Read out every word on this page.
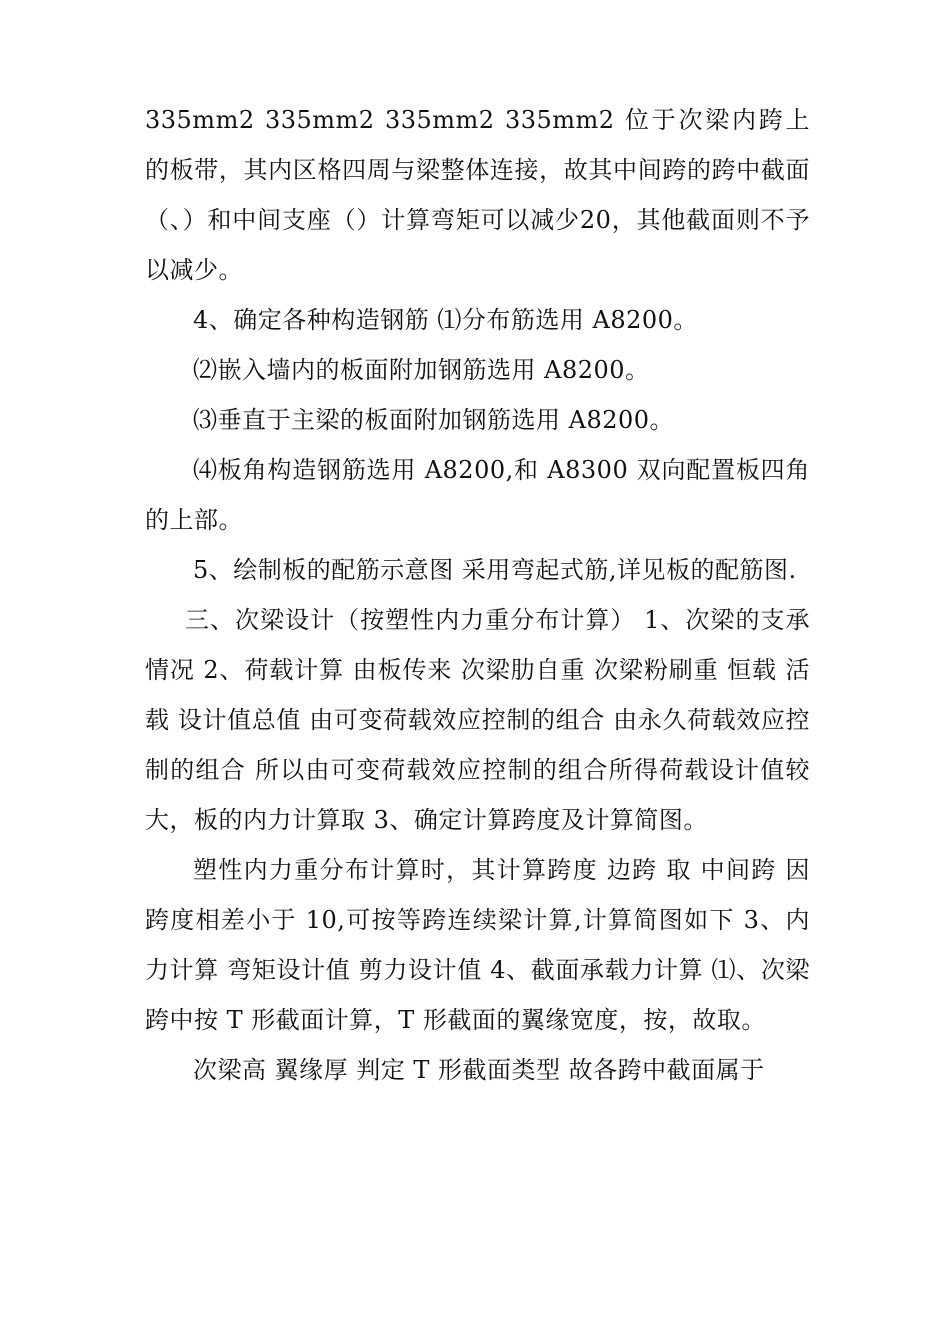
335mm2 335mm2 335mm2 335mm2 位于次梁内跨上的板带，其内区格四周与梁整体连接，故其中间跨的跨中截面（、）和中间支座（）计算弯矩可以减少20，其他截面则不予以减少。

4、确定各种构造钢筋 ⑴分布筋选用 A8200。

⑵嵌入墙内的板面附加钢筋选用 A8200。

⑶垂直于主梁的板面附加钢筋选用 A8200。

⑷板角构造钢筋选用 A8200,和 A8300 双向配置板四角的上部。

5、绘制板的配筋示意图 采用弯起式筋,详见板的配筋图.

三、次梁设计（按塑性内力重分布计算） 1、次梁的支承情况 2、荷载计算 由板传来 次梁肋自重 次梁粉刷重 恒载 活载 设计值总值 由可变荷载效应控制的组合 由永久荷载效应控制的组合 所以由可变荷载效应控制的组合所得荷载设计值较大，板的内力计算取 3、确定计算跨度及计算简图。

塑性内力重分布计算时，其计算跨度 边跨 取 中间跨 因跨度相差小于 10,可按等跨连续梁计算,计算简图如下 3、内力计算 弯矩设计值 剪力设计值 4、截面承载力计算 ⑴、次梁跨中按 T 形截面计算，T 形截面的翼缘宽度，按，故取。

次梁高 翼缘厚 判定 T 形截面类型 故各跨中截面属于
